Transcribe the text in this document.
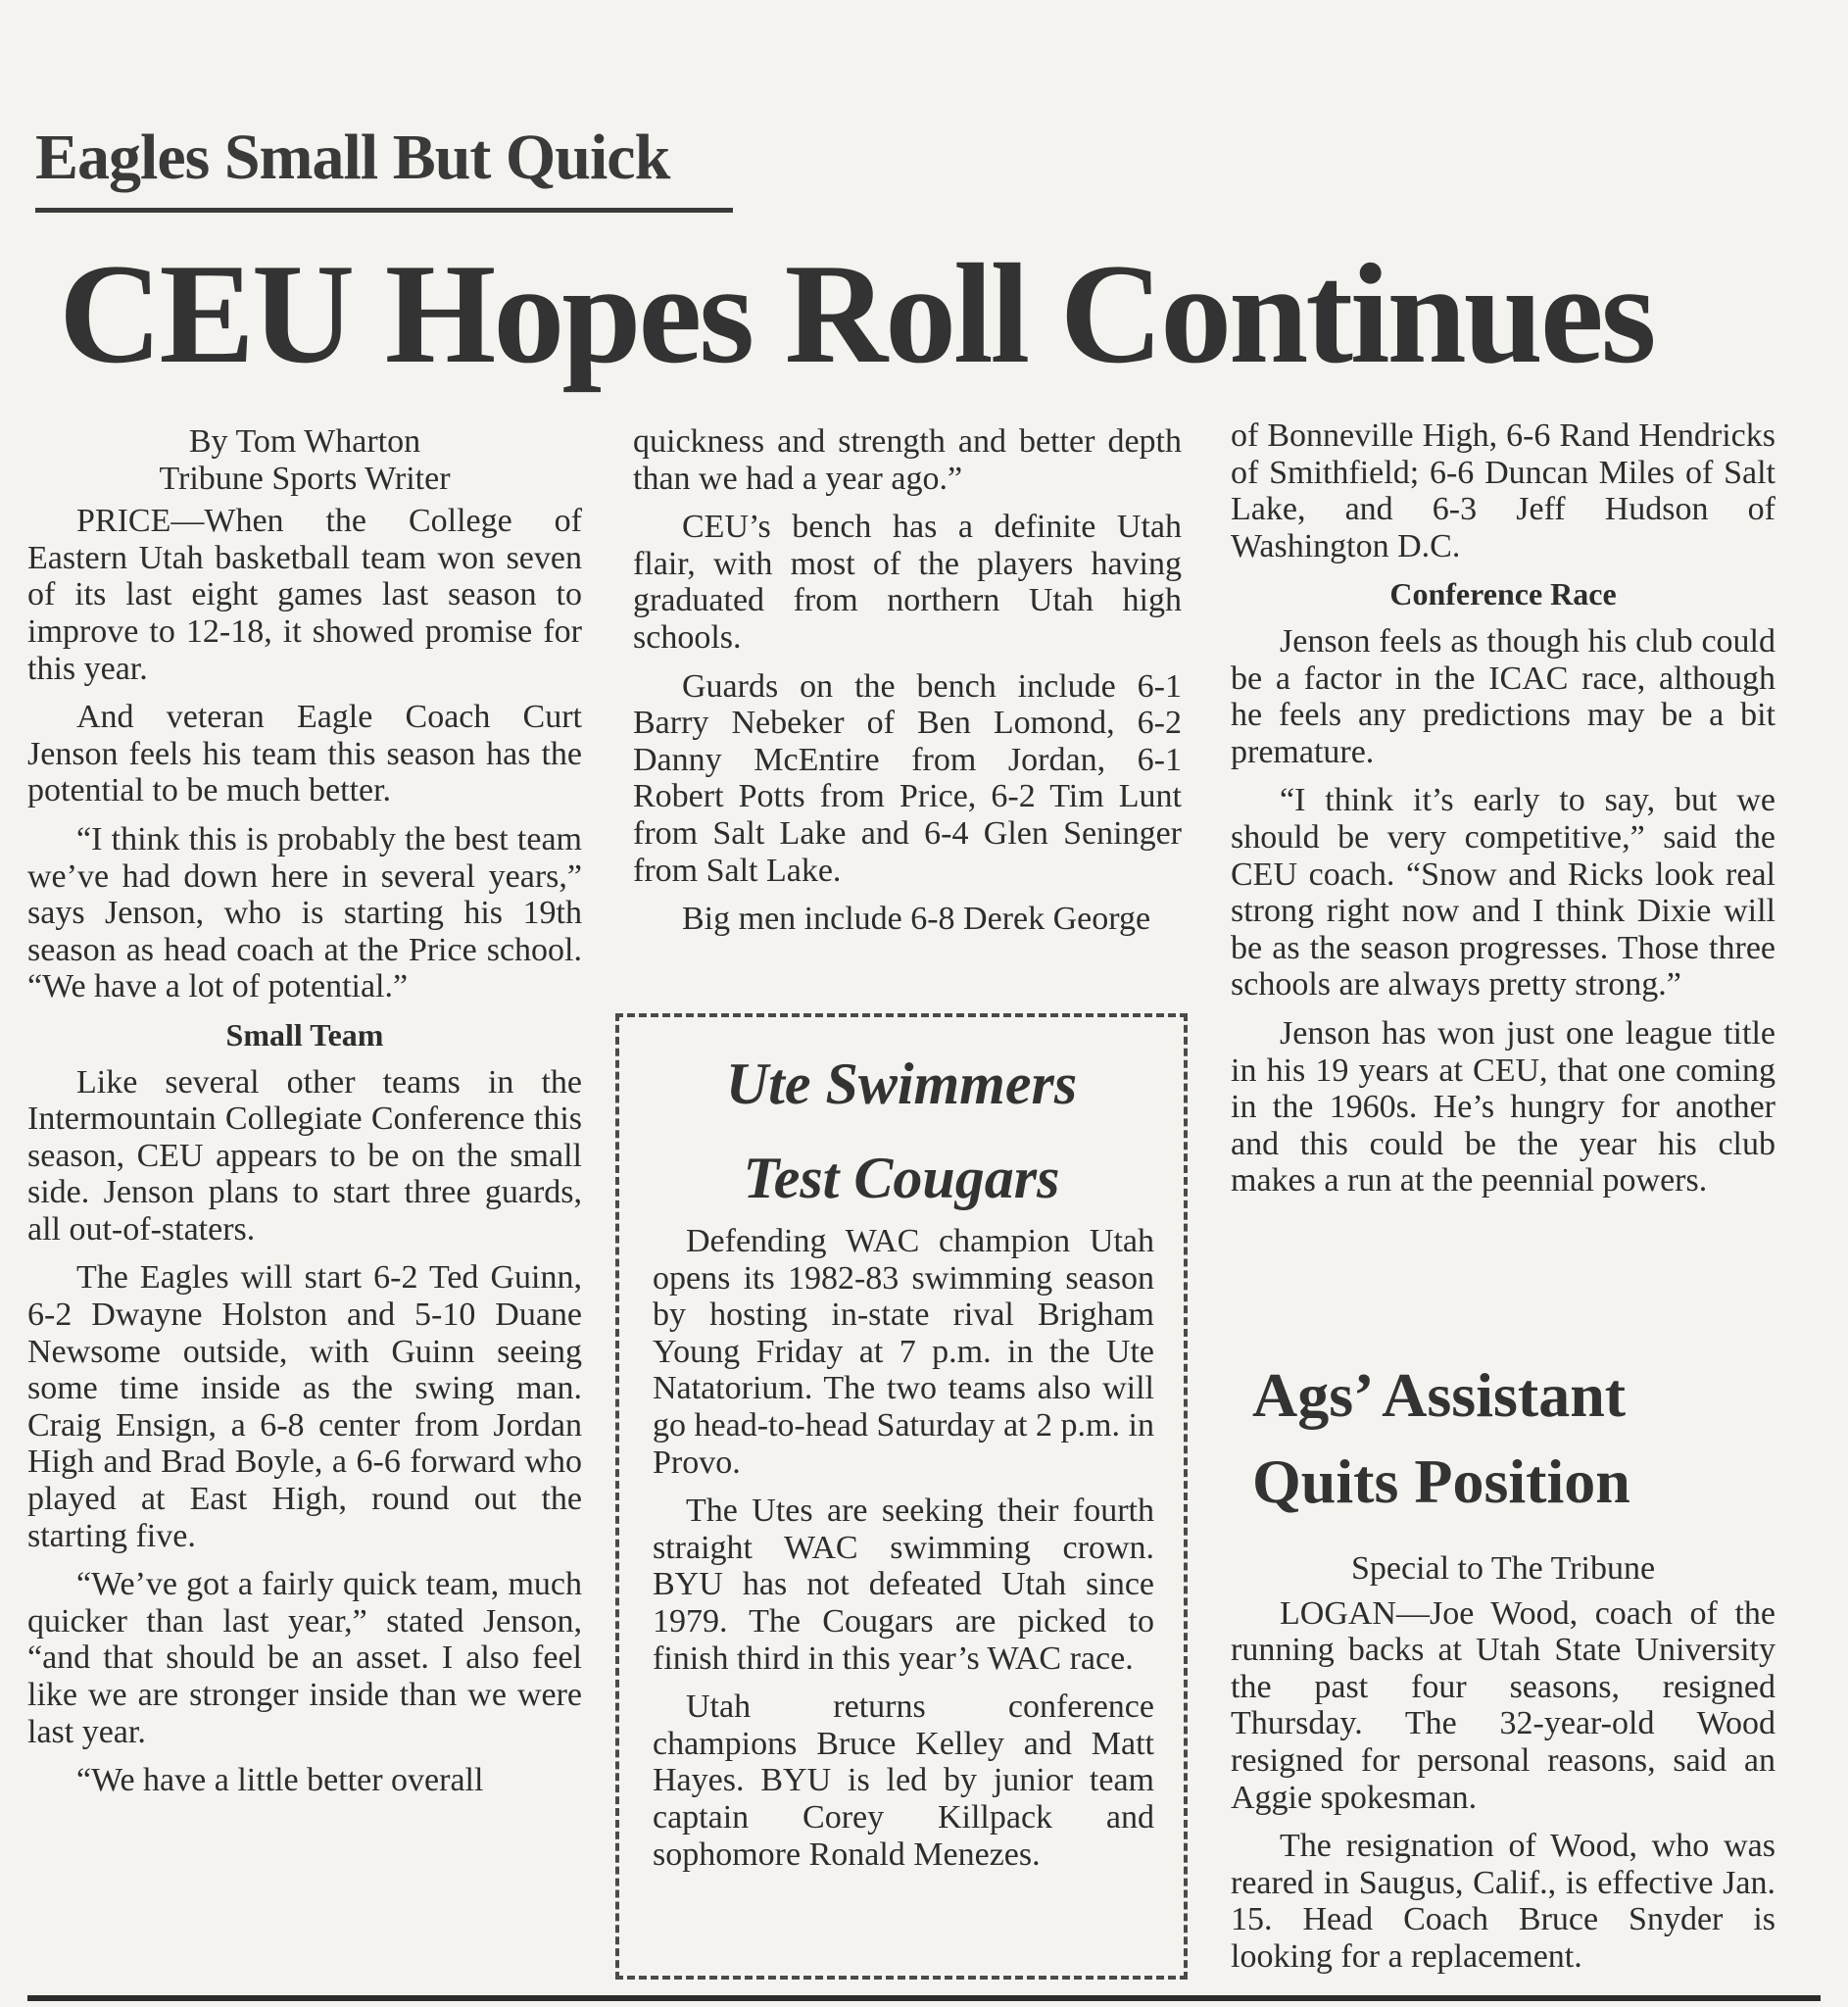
Eagles Small But Quick
CEU Hopes Roll Continues

By Tom Wharton

Tribune Sports Writer

PRICE—When the College of Eastern Utah basketball team won seven of its last eight games last season to improve to 12-18, it showed promise for this year.

And veteran Eagle Coach Curt Jenson feels his team this season has the potential to be much better.

“I think this is probably the best team we’ve had down here in several years,” says Jenson, who is starting his 19th season as head coach at the Price school. “We have a lot of potential.”

Small Team

Like several other teams in the Intermountain Collegiate Conference this season, CEU appears to be on the small side. Jenson plans to start three guards, all out-of-staters.

The Eagles will start 6-2 Ted Guinn, 6-2 Dwayne Holston and 5-10 Duane Newsome outside, with Guinn seeing some time inside as the swing man. Craig Ensign, a 6-8 center from Jordan High and Brad Boyle, a 6-6 forward who played at East High, round out the starting five.

“We’ve got a fairly quick team, much quicker than last year,” stated Jenson, “and that should be an asset. I also feel like we are stronger inside than we were last year.

“We have a little better overall

quickness and strength and better depth than we had a year ago.”

CEU’s bench has a definite Utah flair, with most of the players having graduated from northern Utah high schools.

Guards on the bench include 6-1 Barry Nebeker of Ben Lomond, 6-2 Danny McEntire from Jordan, 6-1 Robert Potts from Price, 6-2 Tim Lunt from Salt Lake and 6-4 Glen Seninger from Salt Lake.

Big men include 6-8 Derek George

Ute Swimmers
Test Cougars

Defending WAC champion Utah opens its 1982-83 swimming season by hosting in-state rival Brigham Young Friday at 7 p.m. in the Ute Natatorium. The two teams also will go head-to-head Saturday at 2 p.m. in Provo.

The Utes are seeking their fourth straight WAC swimming crown. BYU has not defeated Utah since 1979. The Cougars are picked to finish third in this year’s WAC race.

Utah returns conference champions Bruce Kelley and Matt Hayes. BYU is led by junior team captain Corey Killpack and sophomore Ronald Menezes.

of Bonneville High, 6-6 Rand Hendricks of Smithfield; 6-6 Duncan Miles of Salt Lake, and 6-3 Jeff Hudson of Washington D.C.

Conference Race

Jenson feels as though his club could be a factor in the ICAC race, although he feels any predictions may be a bit premature.

“I think it’s early to say, but we should be very competitive,” said the CEU coach. “Snow and Ricks look real strong right now and I think Dixie will be as the season progresses. Those three schools are always pretty strong.”

Jenson has won just one league title in his 19 years at CEU, that one coming in the 1960s. He’s hungry for another and this could be the year his club makes a run at the peennial powers.

Ags’ Assistant
Quits Position

Special to The Tribune

LOGAN—Joe Wood, coach of the running backs at Utah State University the past four seasons, resigned Thursday. The 32-year-old Wood resigned for personal reasons, said an Aggie spokesman.

The resignation of Wood, who was reared in Saugus, Calif., is effective Jan. 15. Head Coach Bruce Snyder is looking for a replacement.
